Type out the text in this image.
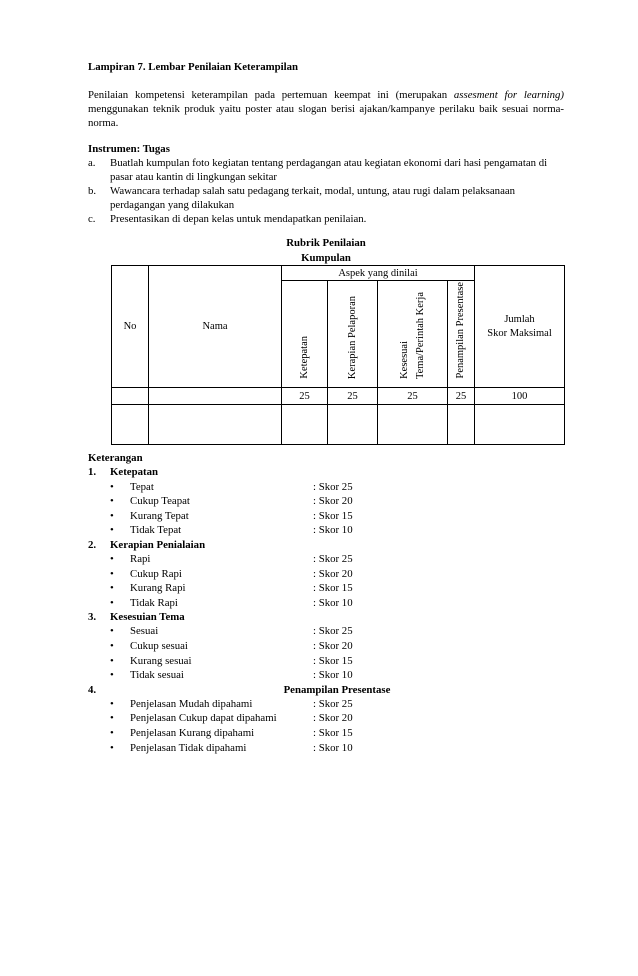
Lampiran 7. Lembar Penilaian Keterampilan
Penilaian kompetensi keterampilan pada pertemuan keempat ini (merupakan assesment for learning) menggunakan teknik produk yaitu poster atau slogan berisi ajakan/kampanye perilaku baik sesuai norma-norma.
Instrumen: Tugas
a.	Buatlah kumpulan foto kegiatan tentang perdagangan atau kegiatan ekonomi dari hasi pengamatan di pasar atau kantin di lingkungan sekitar
b.	Wawancara terhadap salah satu pedagang terkait, modal, untung, atau rugi dalam pelaksanaan perdagangan yang dilakukan
c.	Presentasikan di depan kelas untuk mendapatkan penilaian.
Rubrik Penilaian
Kumpulan
No	Nama	Aspek yang dinilai				Jumlah
Skor Maksimal

		Ketepatan	Kerapian Pelaporan	Kesesuai Tema/Perintah Kerja	Penampilan Presentase	
		25	25	25	25	100

Keterangan
1.	Ketepatan
•	Tepat	: Skor 25
•	Cukup Teapat	: Skor 20
•	Kurang Tepat	: Skor 15
•	Tidak Tepat	: Skor 10
2.	Kerapian Penialaian
•	Rapi	: Skor 25
•	Cukup Rapi	: Skor 20
•	Kurang Rapi	: Skor 15
•	Tidak Rapi	: Skor 10
3.	Kesesuian Tema
•	Sesuai	: Skor 25
•	Cukup sesuai	: Skor 20
•	Kurang sesuai	: Skor 15
•	Tidak sesuai	: Skor 10
4.	Penampilan Presentase
•	Penjelasan Mudah dipahami	: Skor 25
•	Penjelasan Cukup dapat dipahami	: Skor 20
•	Penjelasan Kurang dipahami	: Skor 15
•	Penjelasan Tidak dipahami	: Skor 10
